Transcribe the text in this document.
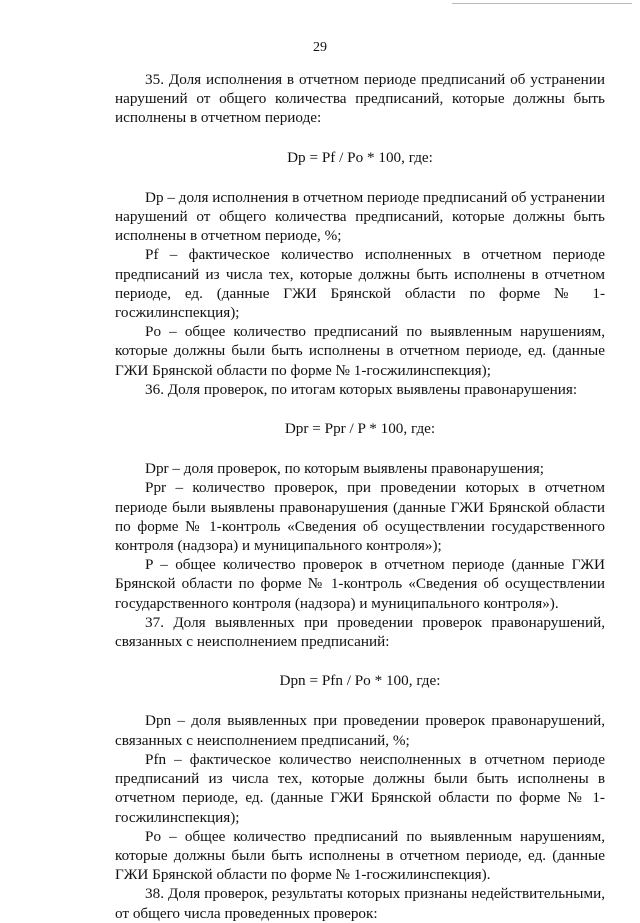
29

35. Доля исполнения в отчетном периоде предписаний об устранении нарушений от общего количества предписаний, которые должны быть исполнены в отчетном периоде:

Dp = Pf / Po * 100, где:

Dp – доля исполнения в отчетном периоде предписаний об устранении нарушений от общего количества предписаний, которые должны быть исполнены в отчетном периоде, %;

Pf – фактическое количество исполненных в отчетном периоде предписаний из числа тех, которые должны быть исполнены в отчетном периоде, ед. (данные ГЖИ Брянской области по форме № 1-госжилинспекция);

Po – общее количество предписаний по выявленным нарушениям, которые должны были быть исполнены в отчетном периоде, ед. (данные ГЖИ Брянской области по форме № 1-госжилинспекция);

36. Доля проверок, по итогам которых выявлены правонарушения:

Dpr = Ppr / P * 100, где:

Dpr – доля проверок, по которым выявлены правонарушения;

Ppr – количество проверок, при проведении которых в отчетном периоде были выявлены правонарушения (данные ГЖИ Брянской области по форме № 1-контроль «Сведения об осуществлении государственного контроля (надзора) и муниципального контроля»);

P – общее количество проверок в отчетном периоде (данные ГЖИ Брянской области по форме № 1-контроль «Сведения об осуществлении государственного контроля (надзора) и муниципального контроля»).

37. Доля выявленных при проведении проверок правонарушений, связанных с неисполнением предписаний:

Dpn = Pfn / Po * 100, где:

Dpn – доля выявленных при проведении проверок правонарушений, связанных с неисполнением предписаний, %;

Pfn – фактическое количество неисполненных в отчетном периоде предписаний из числа тех, которые должны были быть исполнены в отчетном периоде, ед. (данные ГЖИ Брянской области по форме № 1-госжилинспекция);

Po – общее количество предписаний по выявленным нарушениям, которые должны были быть исполнены в отчетном периоде, ед. (данные ГЖИ Брянской области по форме № 1-госжилинспекция).

38. Доля проверок, результаты которых признаны недействительными, от общего числа проведенных проверок:
